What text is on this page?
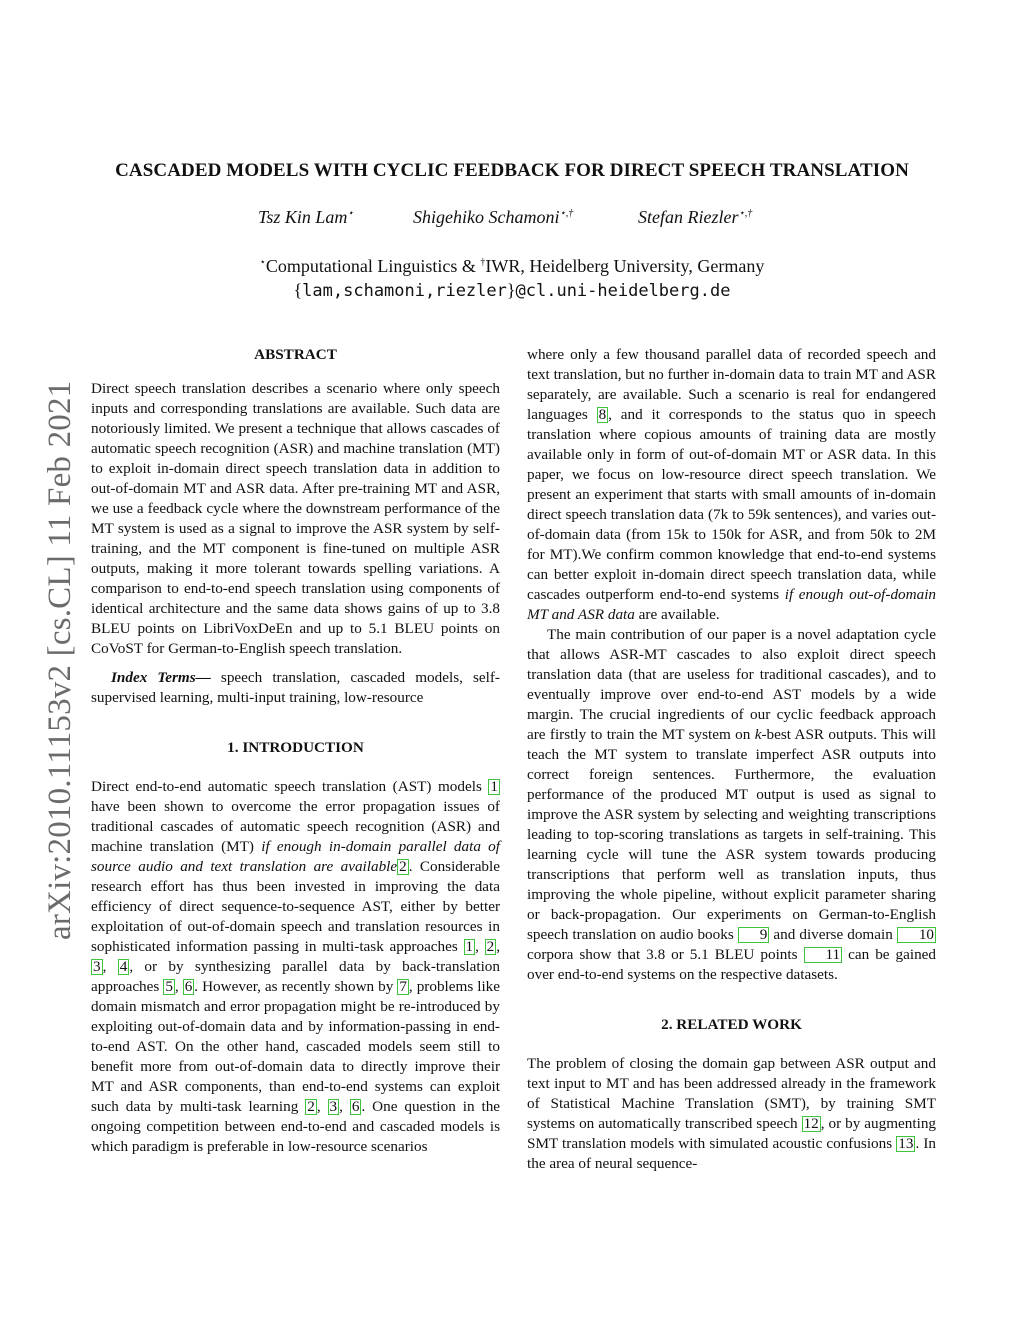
arXiv:2010.11153v2 [cs.CL] 11 Feb 2021
CASCADED MODELS WITH CYCLIC FEEDBACK FOR DIRECT SPEECH TRANSLATION
Tsz Kin Lam⋆	Shigehiko Schamoni⋆,†	Stefan Riezler⋆,†
⋆Computational Linguistics & †IWR, Heidelberg University, Germany
{lam,schamoni,riezler}@cl.uni-heidelberg.de
ABSTRACT

Direct speech translation describes a scenario where only speech inputs and corresponding translations are available. Such data are notoriously limited. We present a technique that allows cascades of automatic speech recognition (ASR) and machine translation (MT) to exploit in-domain direct speech translation data in addition to out-of-domain MT and ASR data. After pre-training MT and ASR, we use a feedback cycle where the downstream performance of the MT system is used as a signal to improve the ASR system by self-training, and the MT component is fine-tuned on multiple ASR outputs, making it more tolerant towards spelling variations. A comparison to end-to-end speech translation using components of identical architecture and the same data shows gains of up to 3.8 BLEU points on LibriVoxDeEn and up to 5.1 BLEU points on CoVoST for German-to-English speech translation.

Index Terms— speech translation, cascaded models, self-supervised learning, multi-input training, low-resource

1. INTRODUCTION

Direct end-to-end automatic speech translation (AST) models 1 have been shown to overcome the error propagation issues of traditional cascades of automatic speech recognition (ASR) and machine translation (MT) if enough in-domain parallel data of source audio and text translation are available 2 . Considerable research effort has thus been invested in improving the data efficiency of direct sequence-to-sequence AST, either by better exploitation of out-of-domain speech and translation resources in sophisticated information passing in multi-task approaches 1 , 2 , 3 , 4 , or by synthesizing parallel data by back-translation approaches 5 , 6 . However, as recently shown by 7 , problems like domain mismatch and error propagation might be re-introduced by exploiting out-of-domain data and by information-passing in end-to-end AST. On the other hand, cascaded models seem still to benefit more from out-of-domain data to directly improve their MT and ASR components, than end-to-end systems can exploit such data by multi-task learning 2 , 3 , 6 . One question in the ongoing competition between end-to-end and cascaded models is which paradigm is preferable in low-resource scenarios

where only a few thousand parallel data of recorded speech and text translation, but no further in-domain data to train MT and ASR separately, are available. Such a scenario is real for endangered languages 8 , and it corresponds to the status quo in speech translation where copious amounts of training data are mostly available only in form of out-of-domain MT or ASR data. In this paper, we focus on low-resource direct speech translation. We present an experiment that starts with small amounts of in-domain direct speech translation data (7k to 59k sentences), and varies out-of-domain data (from 15k to 150k for ASR, and from 50k to 2M for MT).We confirm common knowledge that end-to-end systems can better exploit in-domain direct speech translation data, while cascades outperform end-to-end systems if enough out-of-domain MT and ASR data are available.

The main contribution of our paper is a novel adaptation cycle that allows ASR-MT cascades to also exploit direct speech translation data (that are useless for traditional cascades), and to eventually improve over end-to-end AST models by a wide margin. The crucial ingredients of our cyclic feedback approach are firstly to train the MT system on k-best ASR outputs. This will teach the MT system to translate imperfect ASR outputs into correct foreign sentences. Furthermore, the evaluation performance of the produced MT output is used as signal to improve the ASR system by selecting and weighting transcriptions leading to top-scoring translations as targets in self-training. This learning cycle will tune the ASR system towards producing transcriptions that perform well as translation inputs, thus improving the whole pipeline, without explicit parameter sharing or back-propagation. Our experiments on German-to-English speech translation on audio books 9 and diverse domain 10 corpora show that 3.8 or 5.1 BLEU points 11 can be gained over end-to-end systems on the respective datasets.

2. RELATED WORK

The problem of closing the domain gap between ASR output and text input to MT and has been addressed already in the framework of Statistical Machine Translation (SMT), by training SMT systems on automatically transcribed speech 12 , or by augmenting SMT translation models with simulated acoustic confusions 13 . In the area of neural sequence-
